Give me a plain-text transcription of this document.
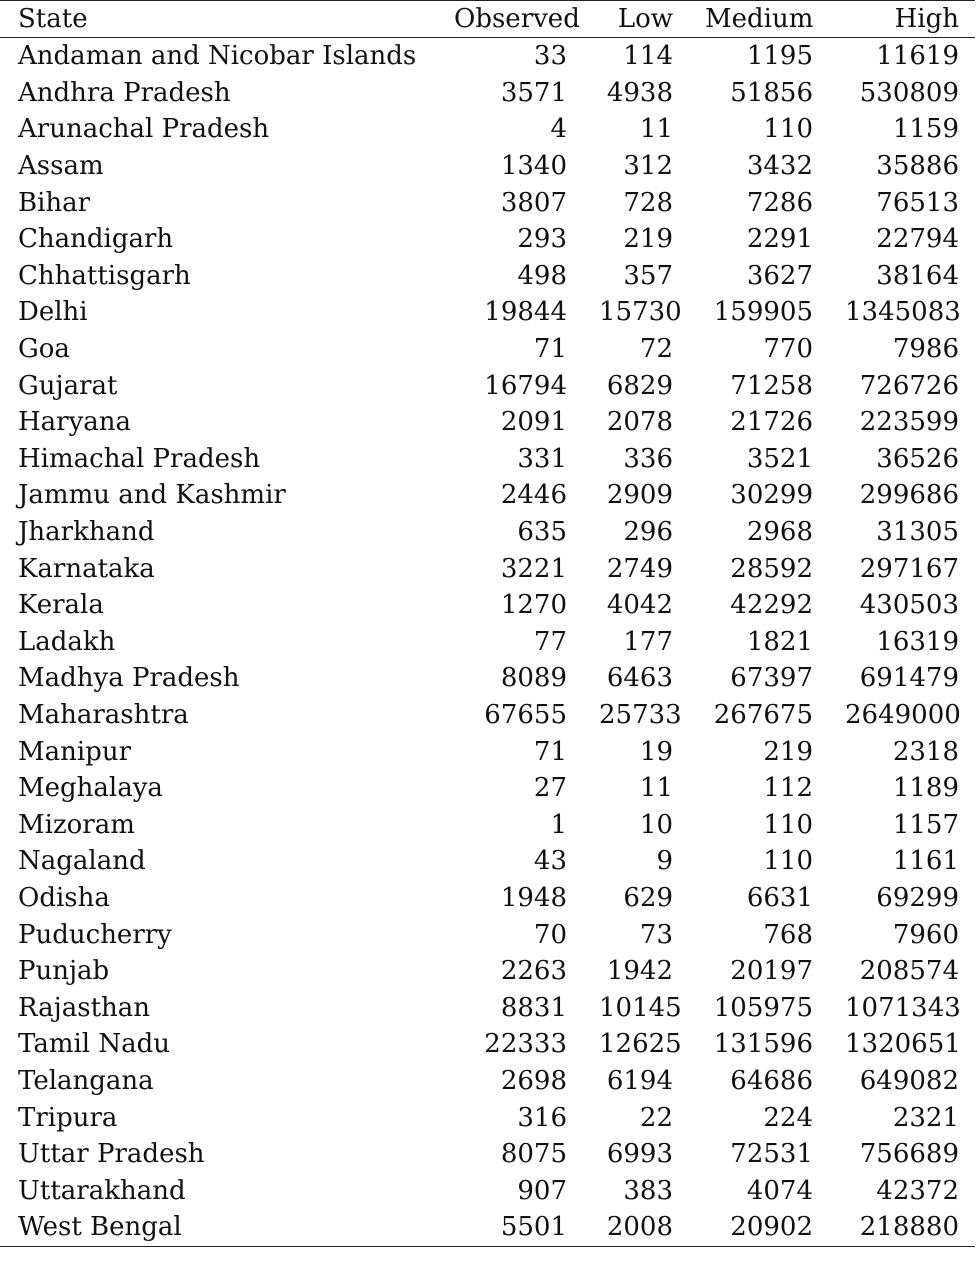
State	Observed	Low	Medium	High
Andaman and Nicobar Islands	33	114	1195	11619
Andhra Pradesh	3571	4938	51856	530809
Arunachal Pradesh	4	11	110	1159
Assam	1340	312	3432	35886
Bihar	3807	728	7286	76513
Chandigarh	293	219	2291	22794
Chhattisgarh	498	357	3627	38164
Delhi	19844	15730	159905	1345083
Goa	71	72	770	7986
Gujarat	16794	6829	71258	726726
Haryana	2091	2078	21726	223599
Himachal Pradesh	331	336	3521	36526
Jammu and Kashmir	2446	2909	30299	299686
Jharkhand	635	296	2968	31305
Karnataka	3221	2749	28592	297167
Kerala	1270	4042	42292	430503
Ladakh	77	177	1821	16319
Madhya Pradesh	8089	6463	67397	691479
Maharashtra	67655	25733	267675	2649000
Manipur	71	19	219	2318
Meghalaya	27	11	112	1189
Mizoram	1	10	110	1157
Nagaland	43	9	110	1161
Odisha	1948	629	6631	69299
Puducherry	70	73	768	7960
Punjab	2263	1942	20197	208574
Rajasthan	8831	10145	105975	1071343
Tamil Nadu	22333	12625	131596	1320651
Telangana	2698	6194	64686	649082
Tripura	316	22	224	2321
Uttar Pradesh	8075	6993	72531	756689
Uttarakhand	907	383	4074	42372
West Bengal	5501	2008	20902	218880
